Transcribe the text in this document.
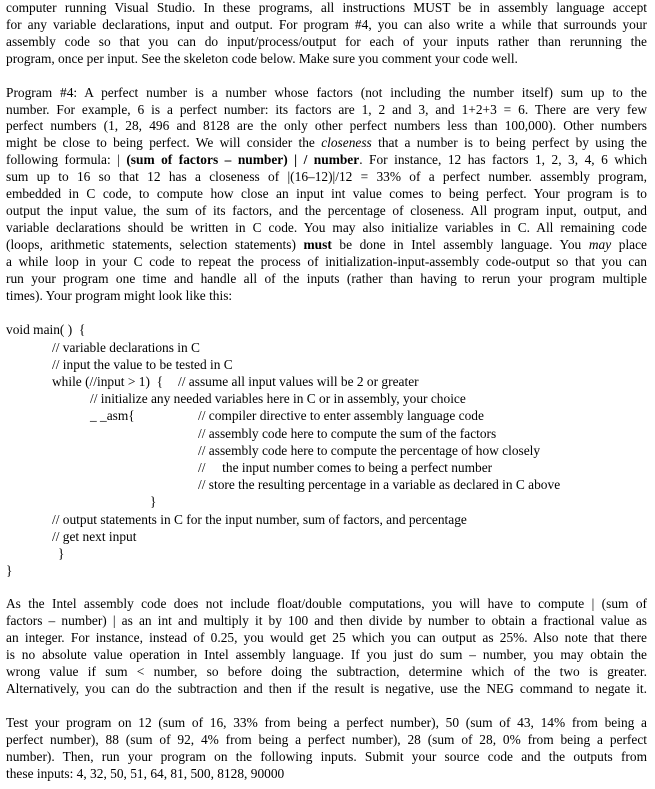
computer running Visual Studio. In these programs, all instructions MUST be in assembly language accept
for any variable declarations, input and output. For program #4, you can also write a while that surrounds your
assembly code so that you can do input/process/output for each of your inputs rather than rerunning the
program, once per input. See the skeleton code below. Make sure you comment your code well.

Program #4: A perfect number is a number whose factors (not including the number itself) sum up to the
number. For example, 6 is a perfect number: its factors are 1, 2 and 3, and 1+2+3 = 6. There are very few
perfect numbers (1, 28, 496 and 8128 are the only other perfect numbers less than 100,000). Other numbers
might be close to being perfect. We will consider the closeness that a number is to being perfect by using the
following formula: | (sum of factors – number) | / number. For instance, 12 has factors 1, 2, 3, 4, 6 which
sum up to 16 so that 12 has a closeness of |(16–12)|/12 = 33% of a perfect number. assembly program,
embedded in C code, to compute how close an input int value comes to being perfect. Your program is to
output the input value, the sum of its factors, and the percentage of closeness. All program input, output, and
variable declarations should be written in C code. You may also initialize variables in C. All remaining code
(loops, arithmetic statements, selection statements) must be done in Intel assembly language. You may place
a while loop in your C code to repeat the process of initialization-input-assembly code-output so that you can
run your program one time and handle all of the inputs (rather than having to rerun your program multiple
times). Your program might look like this:

void main( )  {
// variable declarations in C
// input the value to be tested in C
while (//input > 1)  { // assume all input values will be 2 or greater
// initialize any needed variables here in C or in assembly, your choice
_ _asm{	// compiler directive to enter assembly language code
// assembly code here to compute the sum of the factors
// assembly code here to compute the percentage of how closely
//     the input number comes to being a perfect number
// store the resulting percentage in a variable as declared in C above
}
// output statements in C for the input number, sum of factors, and percentage
// get next input
}
}

As the Intel assembly code does not include float/double computations, you will have to compute | (sum of
factors – number) | as an int and multiply it by 100 and then divide by number to obtain a fractional value as
an integer. For instance, instead of 0.25, you would get 25 which you can output as 25%. Also note that there
is no absolute value operation in Intel assembly language. If you just do sum – number, you may obtain the
wrong value if sum < number, so before doing the subtraction, determine which of the two is greater.
Alternatively, you can do the subtraction and then if the result is negative, use the NEG command to negate it.

Test your program on 12 (sum of 16, 33% from being a perfect number), 50 (sum of 43, 14% from being a
perfect number), 88 (sum of 92, 4% from being a perfect number), 28 (sum of 28, 0% from being a perfect
number). Then, run your program on the following inputs. Submit your source code and the outputs from
these inputs: 4, 32, 50, 51, 64, 81, 500, 8128, 90000
